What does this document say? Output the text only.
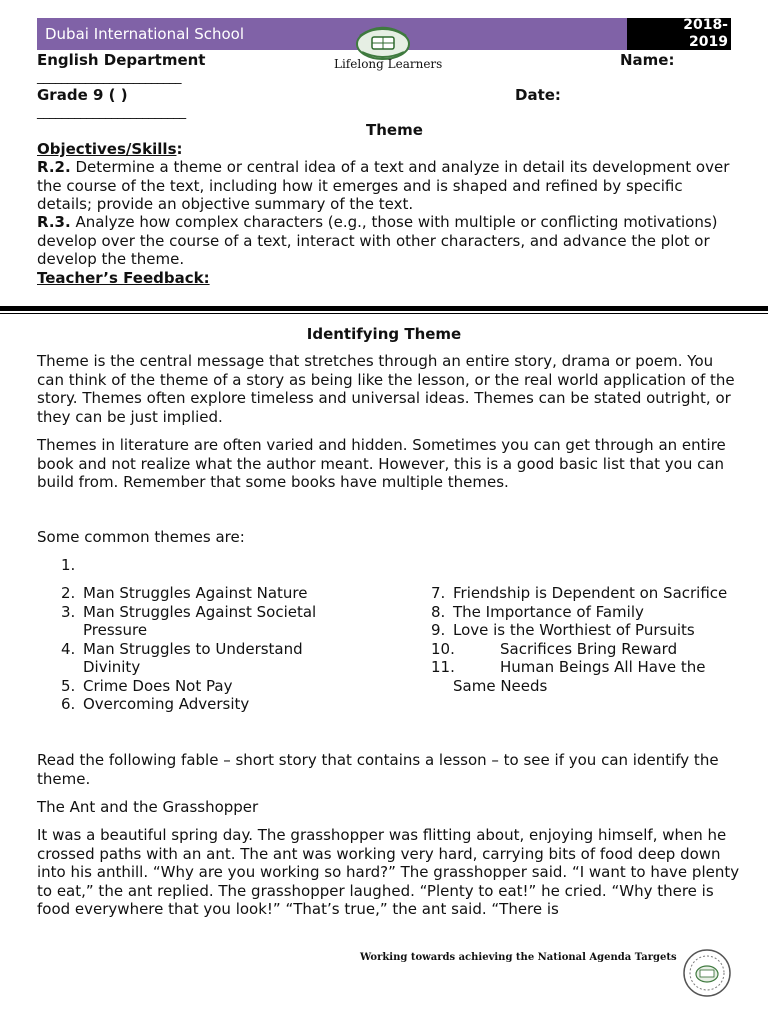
Dubai International School	2018-
2019
Lifelong Learners
English Department	Name:
________________________
Grade 9 ( )	Date:
________________________
Theme
Objectives/Skills:
R.2. Determine a theme or central idea of a text and analyze in detail its development over the course of the text, including how it emerges and is shaped and refined by specific details; provide an objective summary of the text.
R.3. Analyze how complex characters (e.g., those with multiple or conflicting motivations) develop over the course of a text, interact with other characters, and advance the plot or develop the theme.
Teacher’s Feedback:
Identifying Theme
Theme is the central message that stretches through an entire story, drama or poem. You can think of the theme of a story as being like the lesson, or the real world application of the story. Themes often explore timeless and universal ideas. Themes can be stated outright, or they can be just implied.
Themes in literature are often varied and hidden. Sometimes you can get through an entire book and not realize what the author meant. However, this is a good basic list that you can build from. Remember that some books have multiple themes.
Some common themes are:
1.
2. Man Struggles Against Nature
3. Man Struggles Against Societal Pressure
4. Man Struggles to Understand Divinity
5. Crime Does Not Pay
6. Overcoming Adversity
7. Friendship is Dependent on Sacrifice
8. The Importance of Family
9. Love is the Worthiest of Pursuits
10.	Sacrifices Bring Reward
11.	Human Beings All Have the Same Needs
Read the following fable – short story that contains a lesson – to see if you can identify the theme.
The Ant and the Grasshopper
It was a beautiful spring day. The grasshopper was flitting about, enjoying himself, when he crossed paths with an ant. The ant was working very hard, carrying bits of food deep down into his anthill. “Why are you working so hard?” The grasshopper said. “I want to have plenty to eat,” the ant replied. The grasshopper laughed. “Plenty to eat!” he cried. “Why there is food everywhere that you look!” “That’s true,” the ant said. “There is
Working towards achieving the National Agenda Targets
